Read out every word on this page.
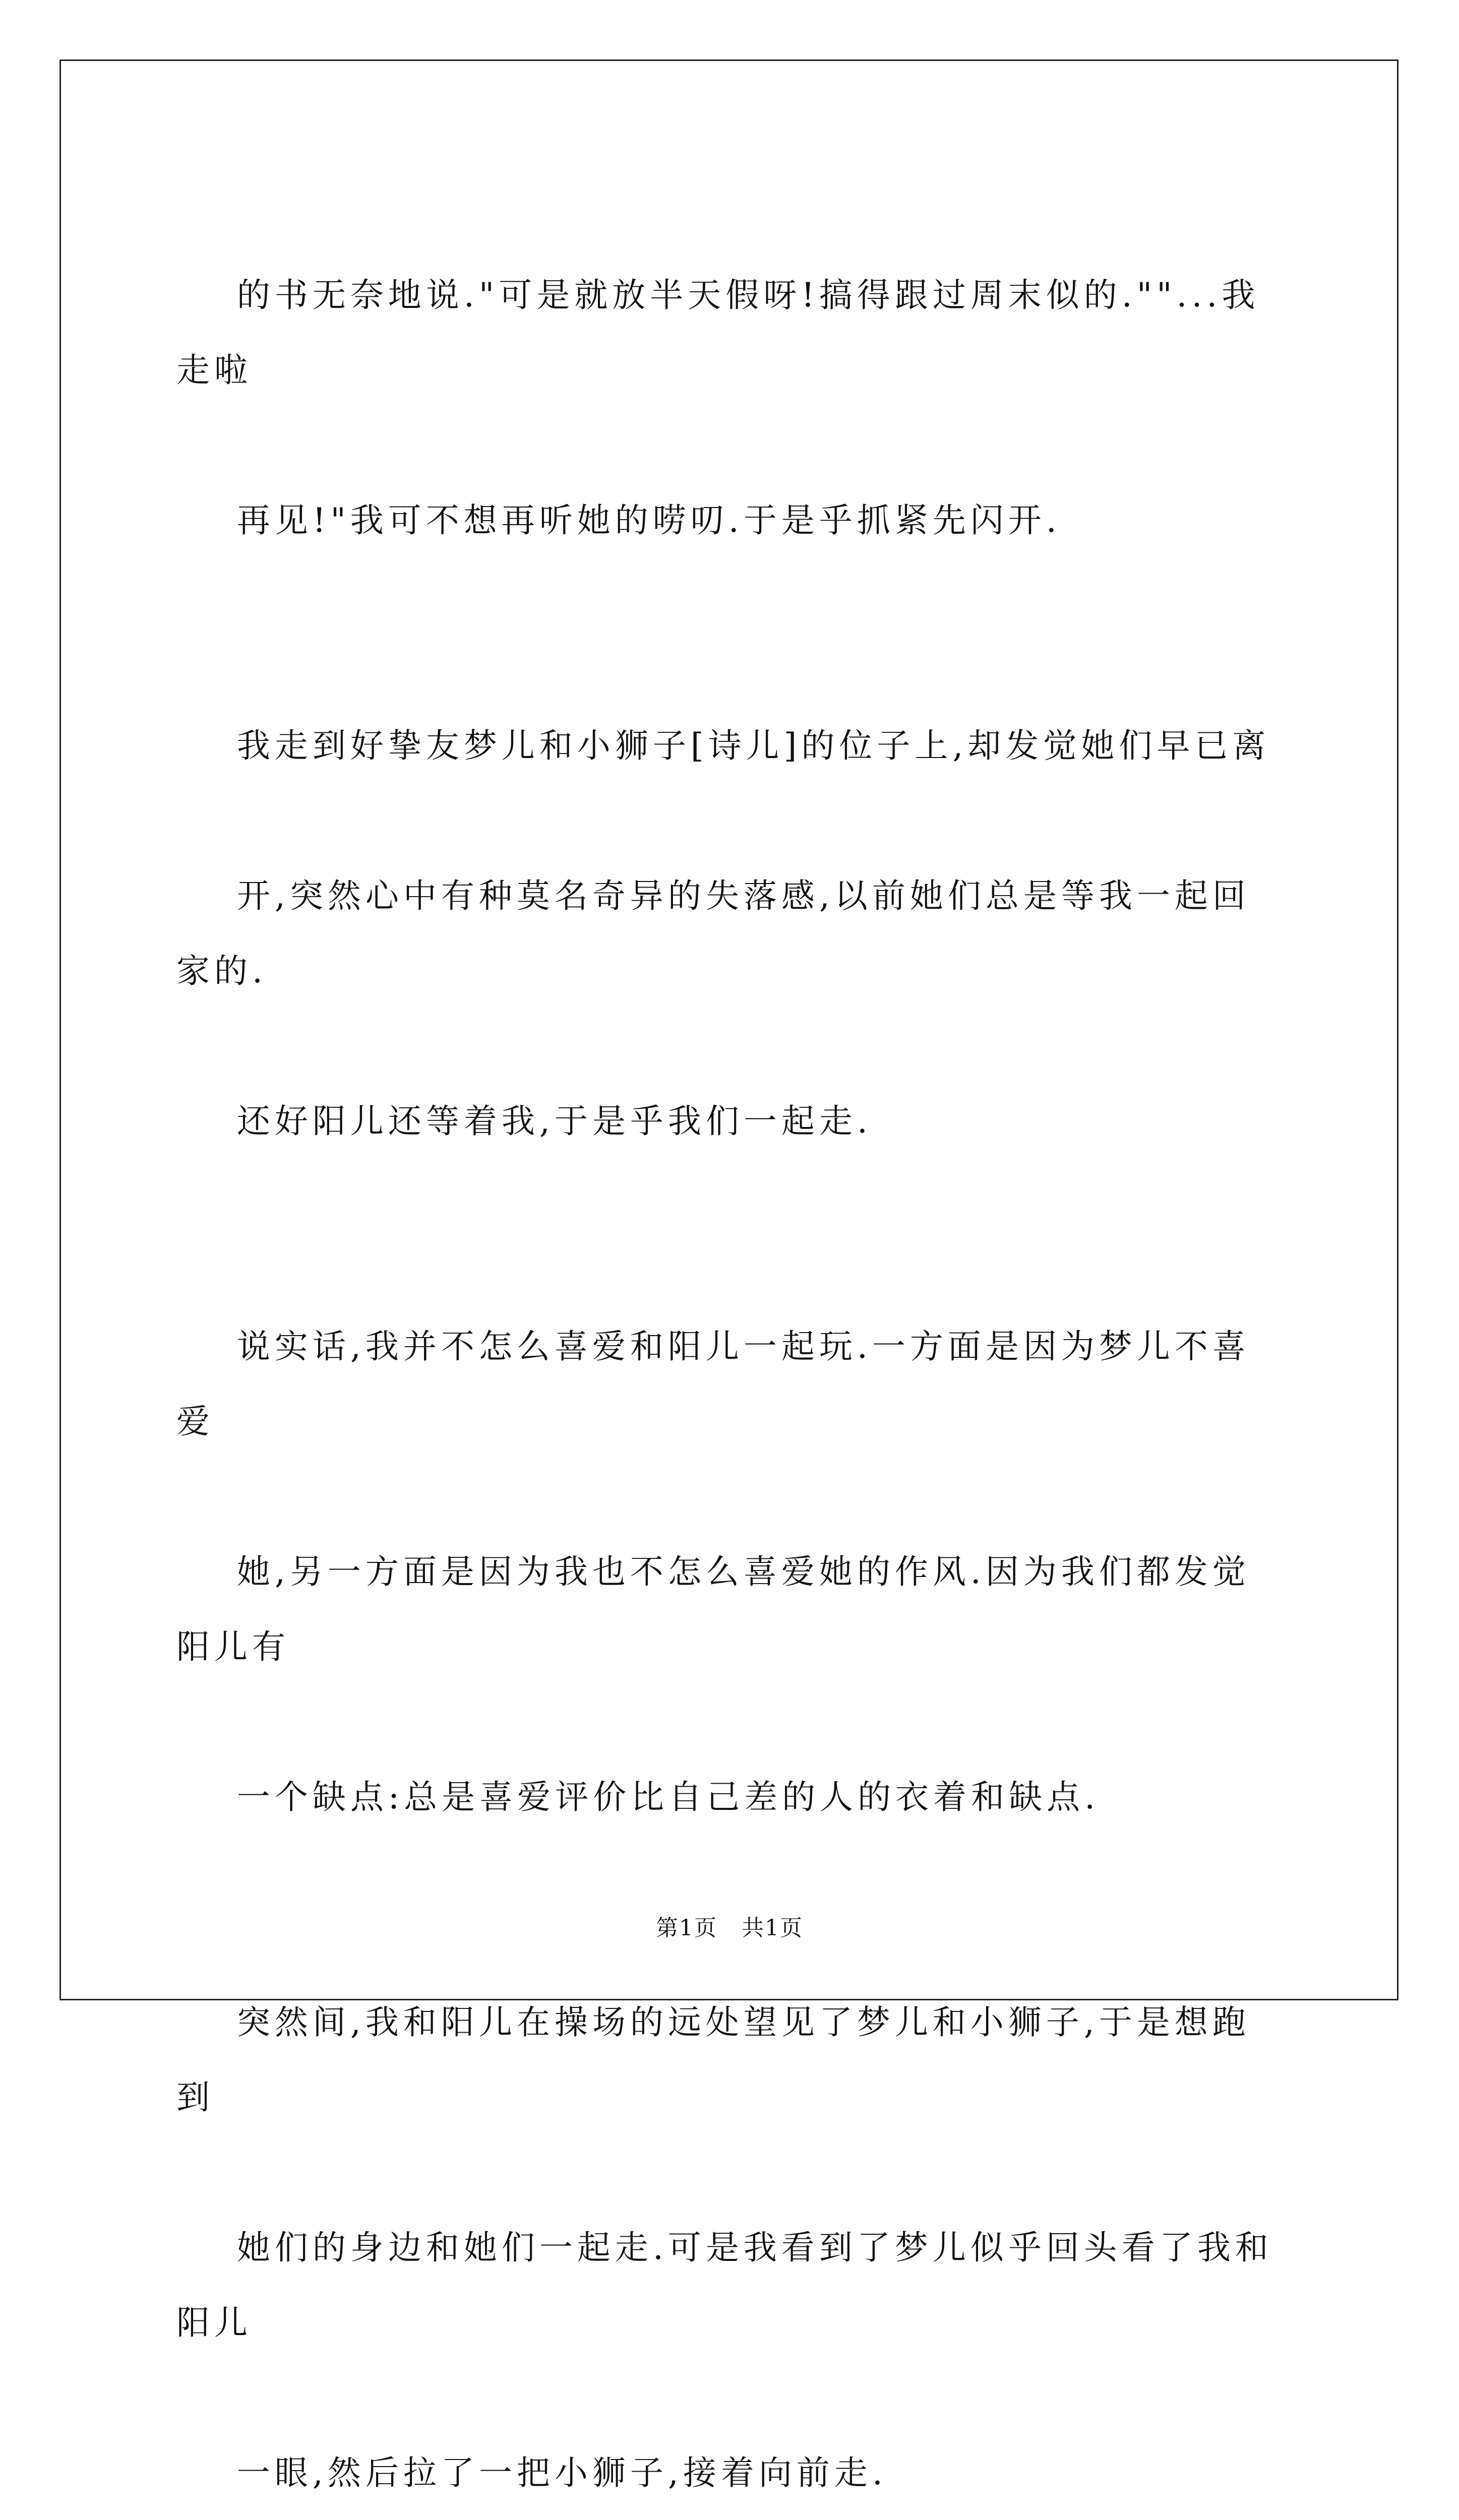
的书无奈地说."可是就放半天假呀!搞得跟过周末似的.""...我走啦

再见!"我可不想再听她的唠叨.于是乎抓紧先闪开.

我走到好挚友梦儿和小狮子[诗儿]的位子上,却发觉她们早已离

开,突然心中有种莫名奇异的失落感,以前她们总是等我一起回家的.

还好阳儿还等着我,于是乎我们一起走.

说实话,我并不怎么喜爱和阳儿一起玩.一方面是因为梦儿不喜爱

她,另一方面是因为我也不怎么喜爱她的作风.因为我们都发觉阳儿有

一个缺点:总是喜爱评价比自己差的人的衣着和缺点.

突然间,我和阳儿在操场的远处望见了梦儿和小狮子,于是想跑到

她们的身边和她们一起走.可是我看到了梦儿似乎回头看了我和阳儿

一眼,然后拉了一把小狮子,接着向前走.

第1页   共1页
